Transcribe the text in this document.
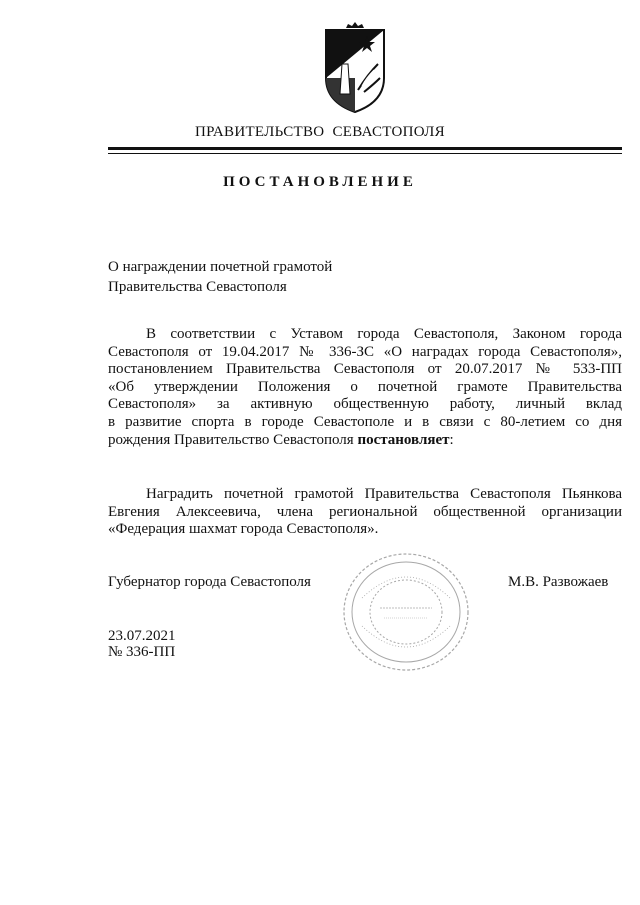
ПРАВИТЕЛЬСТВО СЕВАСТОПОЛЯ
ПОСТАНОВЛЕНИЕ
О награждении почетной грамотой
Правительства Севастополя
В соответствии с Уставом города Севастополя, Законом города
Севастополя от 19.04.2017 № 336-ЗС «О наградах города Севастополя»,
постановлением Правительства Севастополя от 20.07.2017 № 533-ПП
«Об утверждении Положения о почетной грамоте Правительства
Севастополя» за активную общественную работу, личный вклад
в развитие спорта в городе Севастополе и в связи с 80-летием со дня
рождения Правительство Севастополя постановляет:
Наградить почетной грамотой Правительства Севастополя Пьянкова
Евгения Алексеевича, члена региональной общественной организации
«Федерация шахмат города Севастополя».
Губернатор города Севастополя	М.В. Развожаев
23.07.2021
№ 336-ПП
